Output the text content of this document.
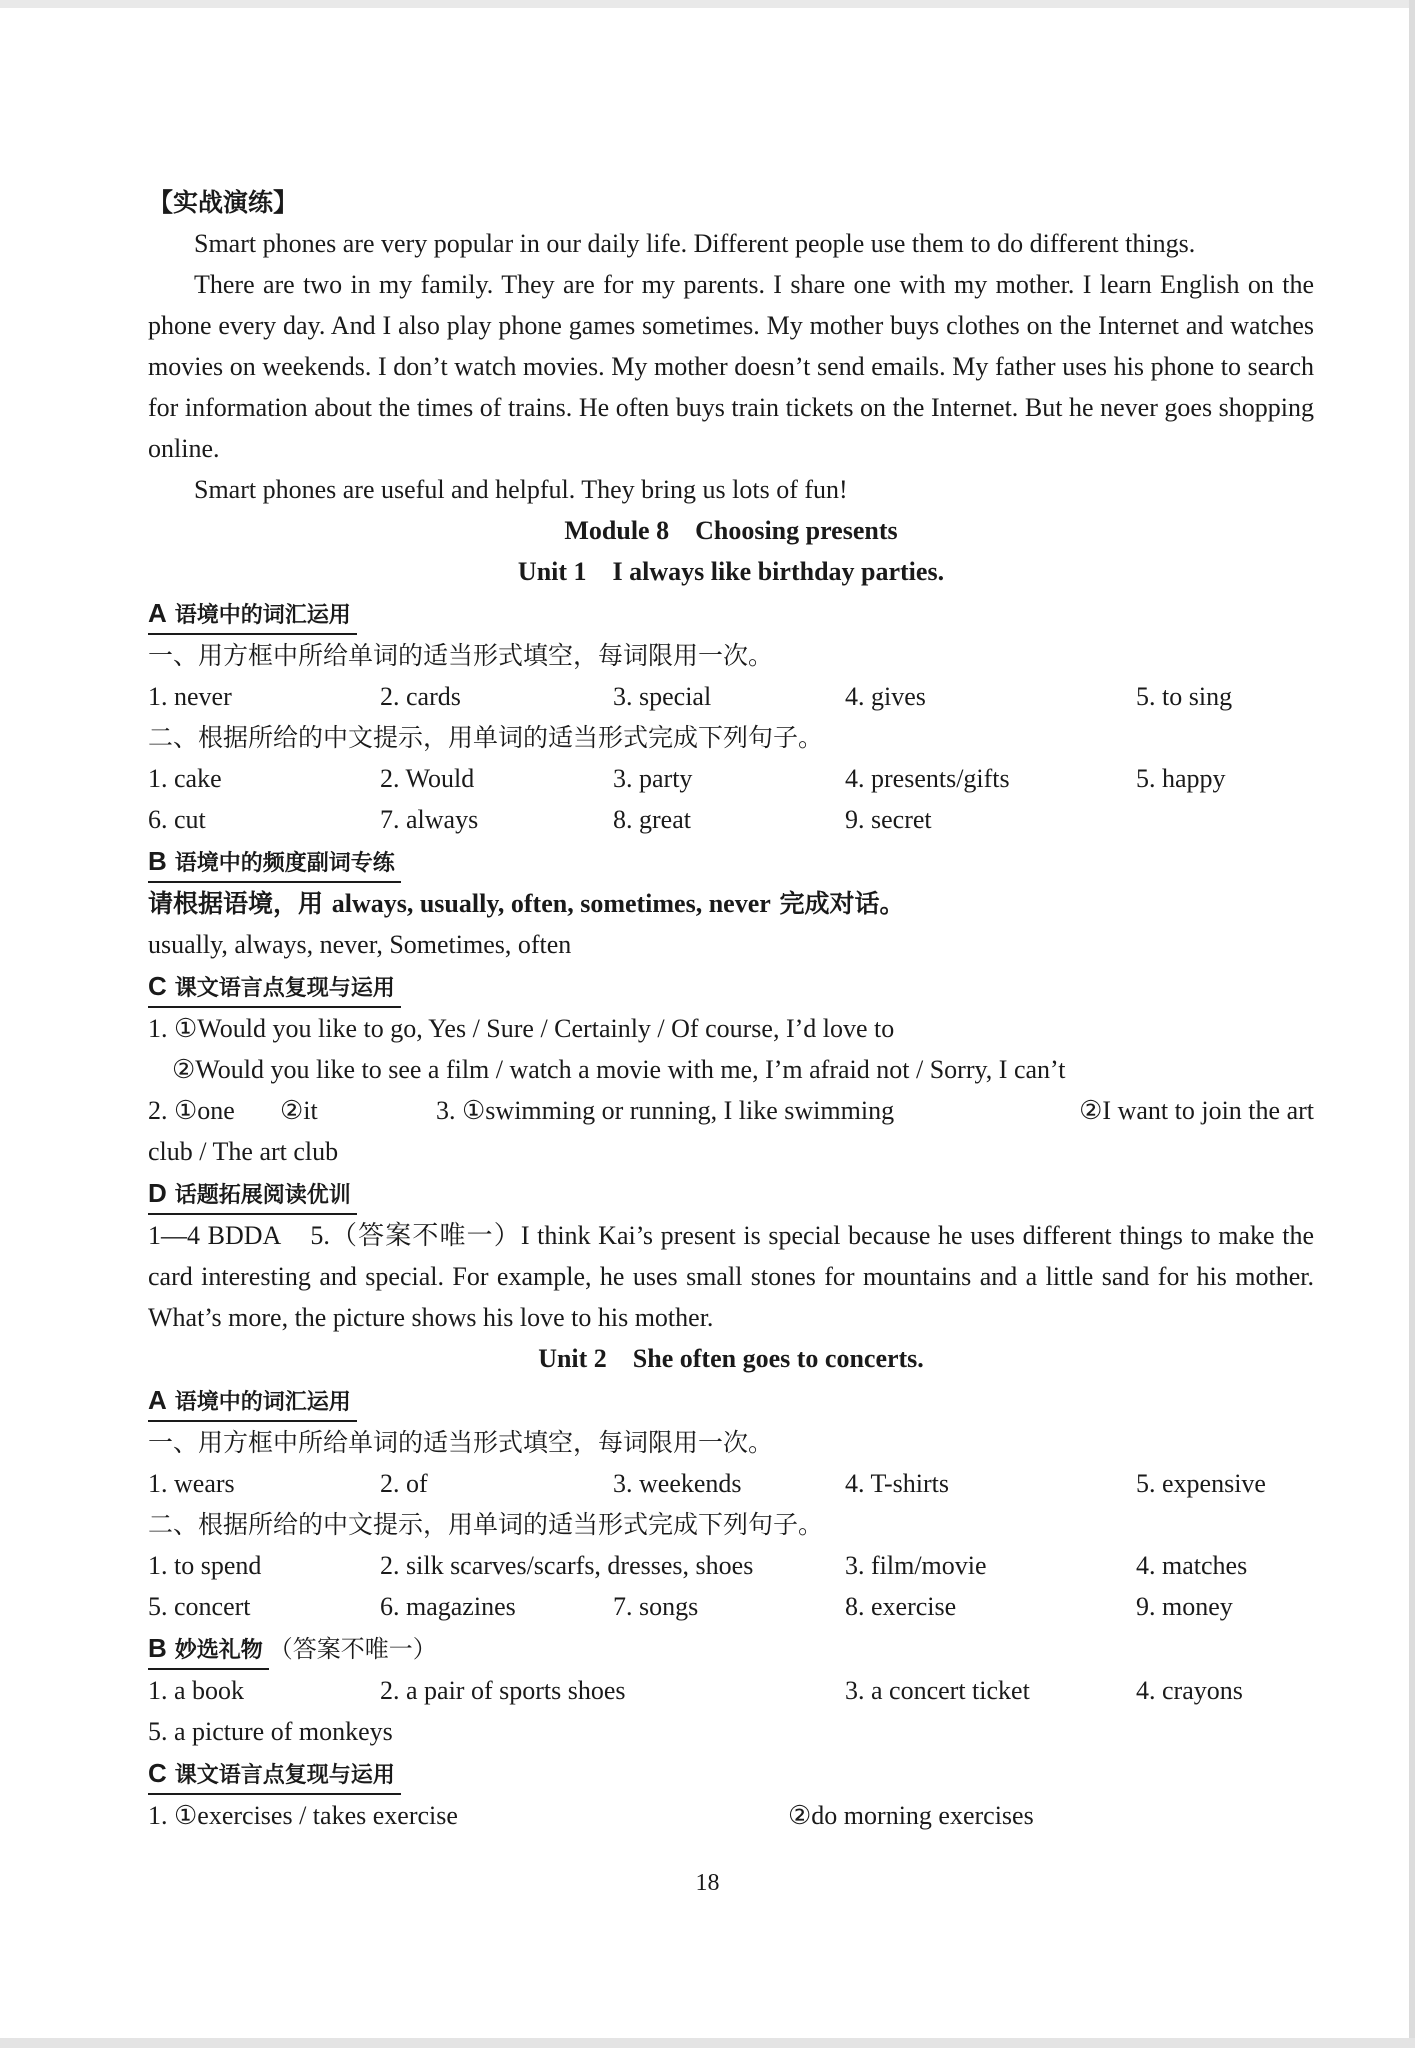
【实战演练】
Smart phones are very popular in our daily life. Different people use them to do different things.
There are two in my family. They are for my parents. I share one with my mother. I learn English on the phone every day. And I also play phone games sometimes. My mother buys clothes on the Internet and watches movies on weekends. I don’t watch movies. My mother doesn’t send emails. My father uses his phone to search for information about the times of trains. He often buys train tickets on the Internet. But he never goes shopping online.
Smart phones are useful and helpful. They bring us lots of fun!
Module 8    Choosing presents
Unit 1    I always like birthday parties.
A 语境中的词汇运用
一、用方框中所给单词的适当形式填空，每词限用一次。
1. never	2. cards	3. special	4. gives	5. to sing
二、根据所给的中文提示，用单词的适当形式完成下列句子。
1. cake	2. Would	3. party	4. presents/gifts	5. happy
6. cut	7. always	8. great	9. secret
B 语境中的频度副词专练
请根据语境，用 always, usually, often, sometimes, never 完成对话。
usually, always, never, Sometimes, often
C 课文语言点复现与运用
1. ①Would you like to go, Yes / Sure / Certainly / Of course, I’d love to
②Would you like to see a film / watch a movie with me, I’m afraid not / Sorry, I can’t
2. ①one	②it	3. ①swimming or running, I like swimming	②I want to join the art
club / The art club
D 话题拓展阅读优训
1—4 BDDA    5.（答案不唯一）I think Kai’s present is special because he uses different things to make the card interesting and special. For example, he uses small stones for mountains and a little sand for his mother. What’s more, the picture shows his love to his mother.
Unit 2    She often goes to concerts.
A 语境中的词汇运用
一、用方框中所给单词的适当形式填空，每词限用一次。
1. wears	2. of	3. weekends	4. T-shirts	5. expensive
二、根据所给的中文提示，用单词的适当形式完成下列句子。
1. to spend	2. silk scarves/scarfs, dresses, shoes	3. film/movie	4. matches
5. concert	6. magazines	7. songs	8. exercise	9. money
B 妙选礼物 （答案不唯一）
1. a book	2. a pair of sports shoes	3. a concert ticket	4. crayons
5. a picture of monkeys
C 课文语言点复现与运用
1. ①exercises / takes exercise	②do morning exercises
18
